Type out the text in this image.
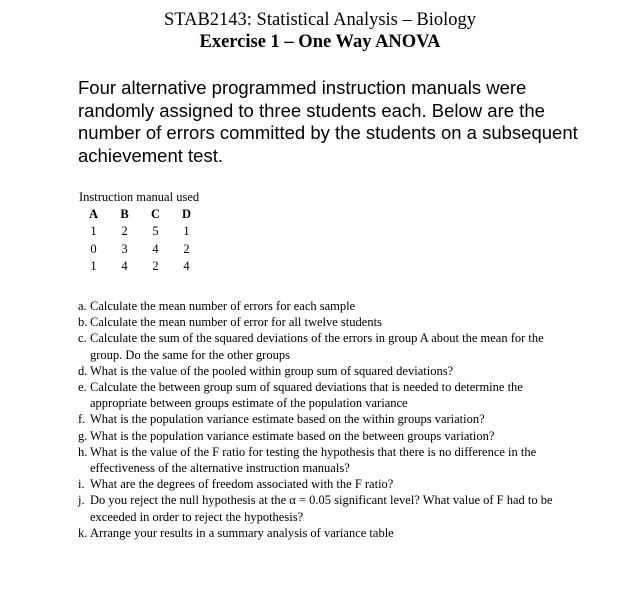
STAB2143: Statistical Analysis – Biology
Exercise 1 – One Way ANOVA

Four alternative programmed instruction manuals were randomly assigned to three students each. Below are the number of errors committed by the students on a subsequent achievement test.

Instruction manual used
A	B	C	D
1	2	5	1
0	3	4	2
1	4	2	4
a. Calculate the mean number of errors for each sample
b. Calculate the mean number of error for all twelve students
c. Calculate the sum of the squared deviations of the errors in group A about the mean for the group. Do the same for the other groups
d. What is the value of the pooled within group sum of squared deviations?
e. Calculate the between group sum of squared deviations that is needed to determine the appropriate between groups estimate of the population variance
f. What is the population variance estimate based on the within groups variation?
g. What is the population variance estimate based on the between groups variation?
h. What is the value of the F ratio for testing the hypothesis that there is no difference in the effectiveness of the alternative instruction manuals?
i. What are the degrees of freedom associated with the F ratio?
j. Do you reject the null hypothesis at the α = 0.05 significant level? What value of F had to be exceeded in order to reject the hypothesis?
k. Arrange your results in a summary analysis of variance table
